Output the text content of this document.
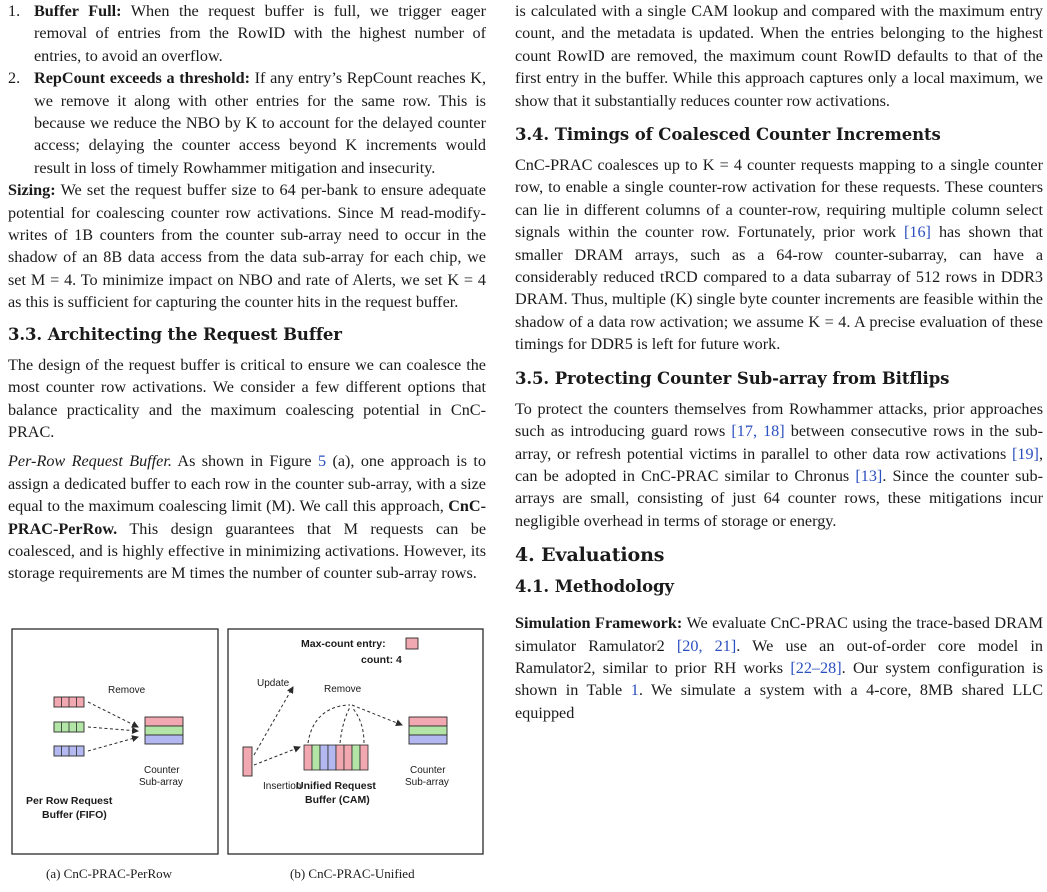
1. Buffer Full: When the request buffer is full, we trigger eager removal of entries from the RowID with the highest number of entries, to avoid an overflow.
2. RepCount exceeds a threshold: If any entry’s RepCount reaches K, we remove it along with other entries for the same row. This is because we reduce the NBO by K to account for the delayed counter access; delaying the counter access beyond K increments would result in loss of timely Rowhammer mitigation and insecurity.

Sizing: We set the request buffer size to 64 per-bank to ensure adequate potential for coalescing counter row activations. Since M read-modify-writes of 1B counters from the counter sub-array need to occur in the shadow of an 8B data access from the data sub-array for each chip, we set M = 4. To minimize impact on NBO and rate of Alerts, we set K = 4 as this is sufficient for capturing the counter hits in the request buffer.

3.3. Architecting the Request Buffer

The design of the request buffer is critical to ensure we can coalesce the most counter row activations. We consider a few different options that balance practicality and the maximum coalescing potential in CnC-PRAC.

Per-Row Request Buffer. As shown in Figure 5 (a), one approach is to assign a dedicated buffer to each row in the counter sub-array, with a size equal to the maximum coalescing limit (M). We call this approach, CnC-PRAC-PerRow. This design guarantees that M requests can be coalesced, and is highly effective in minimizing activations. However, its storage requirements are M times the number of counter sub-array rows.

Remove
Counter
Sub-array
Per Row Request
Buffer (FIFO)
Max-count entry:
count: 4
Update
Remove
Insertion
Counter
Sub-array
Unified Request
Buffer (CAM)
(a) CnC-PRAC-PerRow	(b) CnC-PRAC-Unified

is calculated with a single CAM lookup and compared with the maximum entry count, and the metadata is updated. When the entries belonging to the highest count RowID are removed, the maximum count RowID defaults to that of the first entry in the buffer. While this approach captures only a local maximum, we show that it substantially reduces counter row activations.

3.4. Timings of Coalesced Counter Increments

CnC-PRAC coalesces up to K = 4 counter requests mapping to a single counter row, to enable a single counter-row activation for these requests. These counters can lie in different columns of a counter-row, requiring multiple column select signals within the counter row. Fortunately, prior work [16] has shown that smaller DRAM arrays, such as a 64-row counter-subarray, can have a considerably reduced tRCD compared to a data subarray of 512 rows in DDR3 DRAM. Thus, multiple (K) single byte counter increments are feasible within the shadow of a data row activation; we assume K = 4. A precise evaluation of these timings for DDR5 is left for future work.

3.5. Protecting Counter Sub-array from Bitflips

To protect the counters themselves from Rowhammer attacks, prior approaches such as introducing guard rows [17, 18] between consecutive rows in the sub-array, or refresh potential victims in parallel to other data row activations [19], can be adopted in CnC-PRAC similar to Chronus [13]. Since the counter sub-arrays are small, consisting of just 64 counter rows, these mitigations incur negligible overhead in terms of storage or energy.

4. Evaluations
4.1. Methodology

Simulation Framework: We evaluate CnC-PRAC using the trace-based DRAM simulator Ramulator2 [20, 21]. We use an out-of-order core model in Ramulator2, similar to prior RH works [22–28]. Our system configuration is shown in Table 1. We simulate a system with a 4-core, 8MB shared LLC equipped
